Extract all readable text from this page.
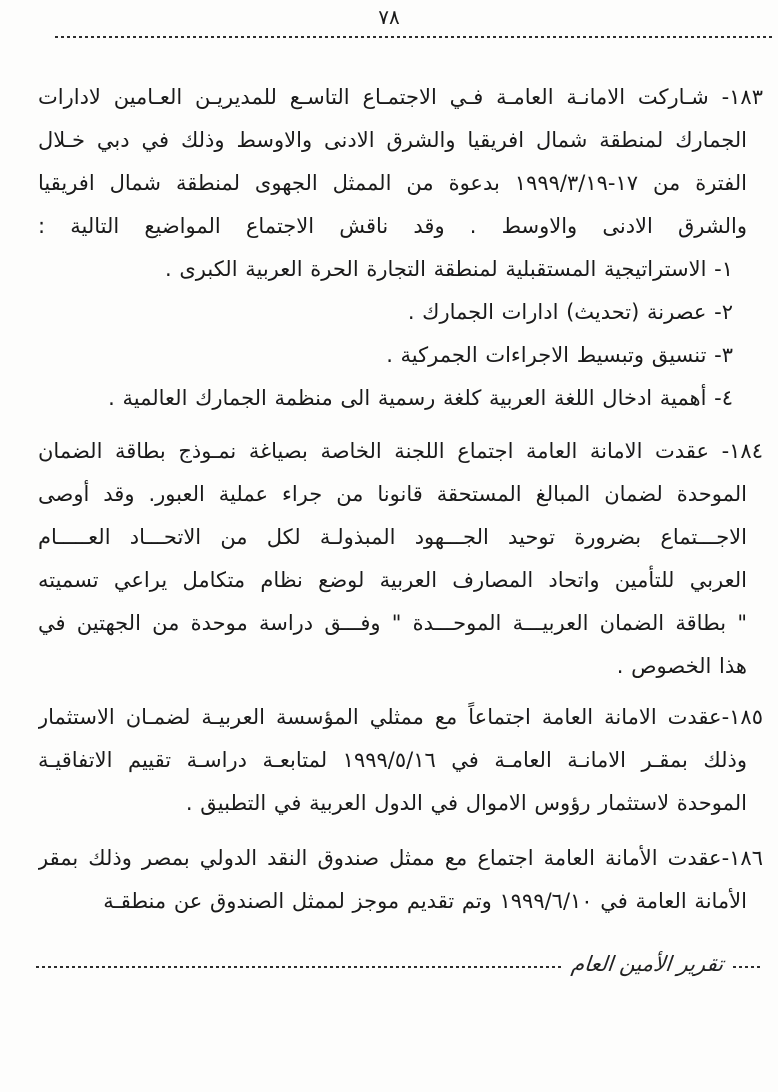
٧٨
١٨٣- شـاركت الامانـة العامـة فـي الاجتمـاع التاسـع للمديريـن العـامين لادارات
الجمارك لمنطقة شمال افريقيا والشرق الادنى والاوسط وذلك في دبي خـلال
الفترة من ١٧-١٩٩٩/٣/١٩ بدعوة من الممثل الجهوى لمنطقة شمال افريقيا
والشرق الادنى والاوسط . وقد ناقش الاجتماع المواضيع التالية :
١- الاستراتيجية المستقبلية لمنطقة التجارة الحرة العربية الكبرى .
٢- عصرنة (تحديث) ادارات الجمارك .
٣- تنسيق وتبسيط الاجراءات الجمركية .
٤- أهمية ادخال اللغة العربية كلغة رسمية الى منظمة الجمارك العالمية .
١٨٤- عقدت الامانة العامة اجتماع اللجنة الخاصة بصياغة نمـوذج بطاقة الضمان
الموحدة لضمان المبالغ المستحقة قانونا من جراء عملية العبور. وقد أوصى
الاجـــتماع بضرورة توحيد الجـــهود المبذولـة لكل من الاتحـــاد العـــــام
العربي للتأمين واتحاد المصارف العربية لوضع نظام متكامل يراعي تسميته
" بطاقة الضمان العربيـــة الموحـــدة " وفـــق دراسة موحدة من الجهتين في
هذا الخصوص .
١٨٥-عقدت الامانة العامة اجتماعاً مع ممثلي المؤسسة العربيـة لضمـان الاستثمار
وذلك بمقـر الامانـة العامـة في ١٩٩٩/٥/١٦ لمتابعـة دراسـة تقييم الاتفاقيـة
الموحدة لاستثمار رؤوس الاموال في الدول العربية في التطبيق .
١٨٦-عقدت الأمانة العامة اجتماع مع ممثل صندوق النقد الدولي بمصر وذلك بمقر
الأمانة العامة في ١٩٩٩/٦/١٠ وتم تقديم موجز لممثل الصندوق عن منطقـة
تقرير الأمين العام
